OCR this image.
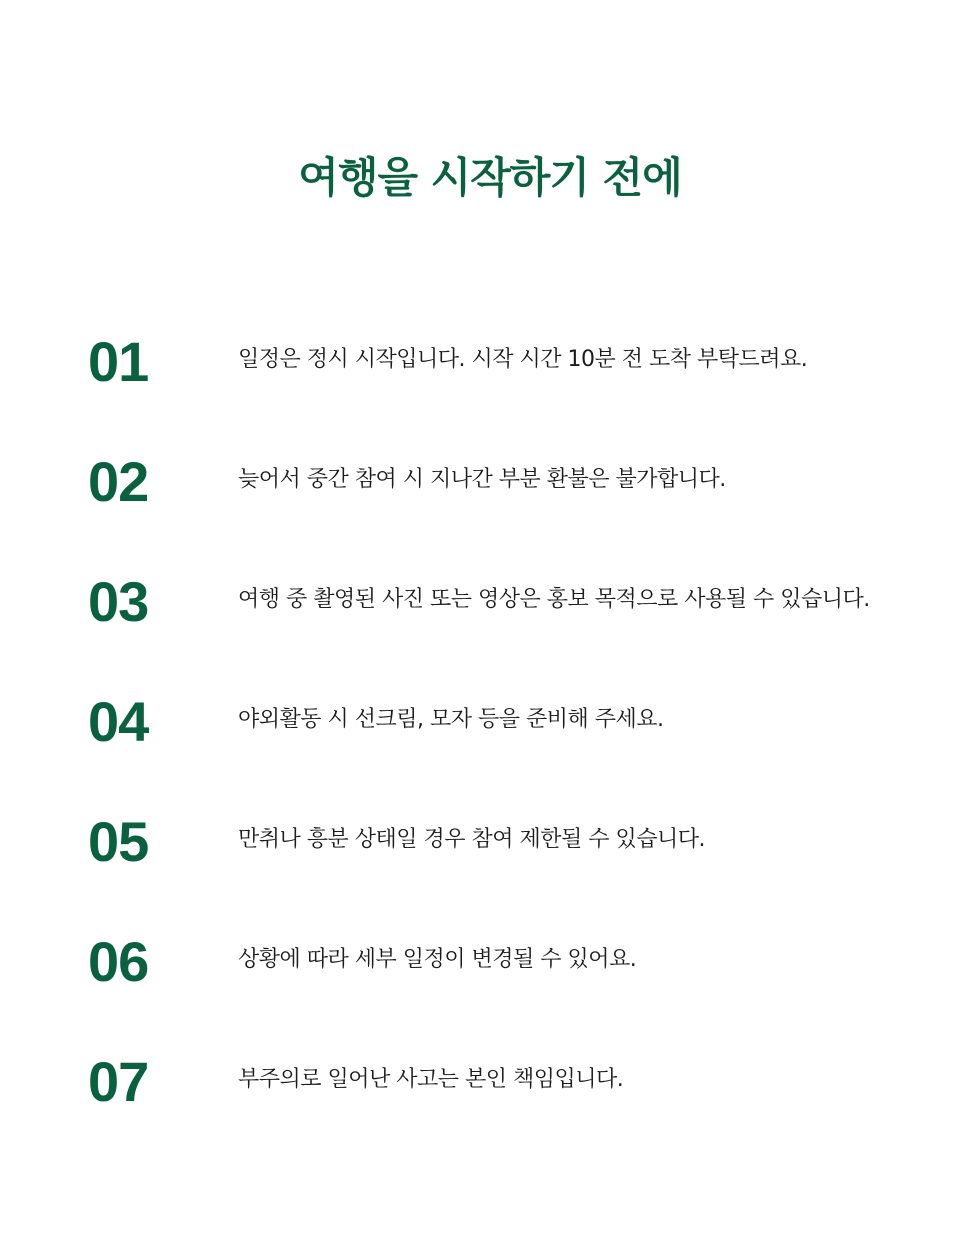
여행을 시작하기 전에
01	일정은 정시 시작입니다. 시작 시간 10분 전 도착 부탁드려요.
02	늦어서 중간 참여 시 지나간 부분 환불은 불가합니다.
03	여행 중 촬영된 사진 또는 영상은 홍보 목적으로 사용될 수 있습니다.
04	야외활동 시 선크림, 모자 등을 준비해 주세요.
05	만취나 흥분 상태일 경우 참여 제한될 수 있습니다.
06	상황에 따라 세부 일정이 변경될 수 있어요.
07	부주의로 일어난 사고는 본인 책임입니다.
